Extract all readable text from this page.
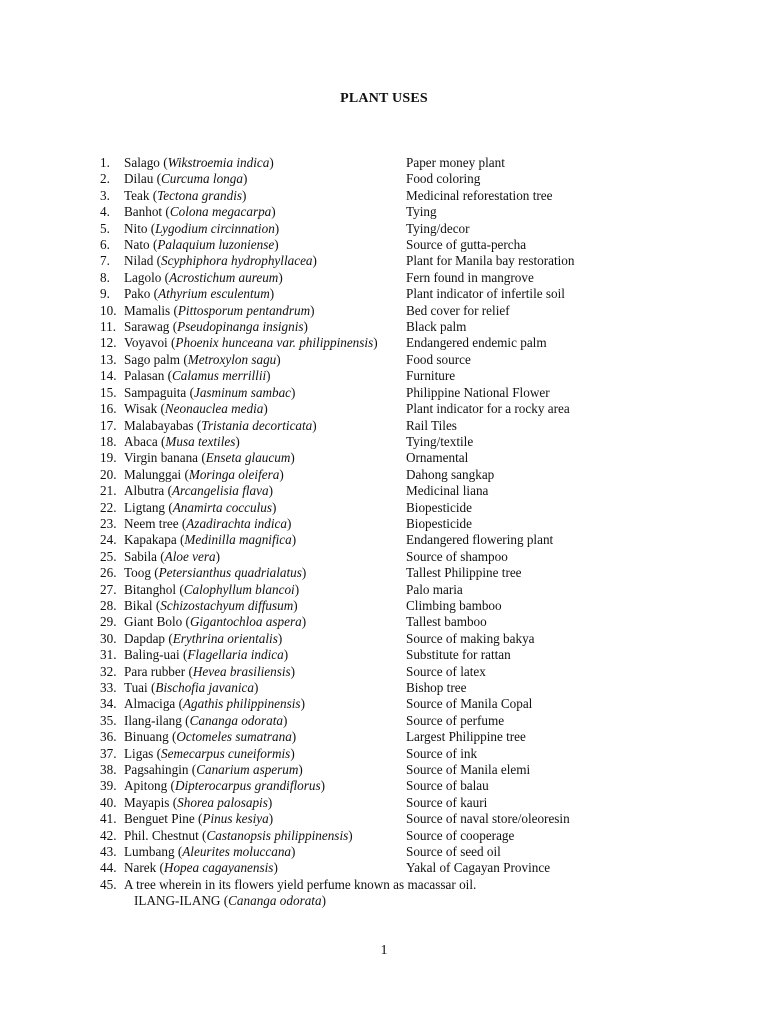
PLANT USES
1. Salago (Wikstroemia indica)	Paper money plant
2. Dilau (Curcuma longa)	Food coloring
3. Teak (Tectona grandis)	Medicinal reforestation tree
4. Banhot (Colona megacarpa)	Tying
5. Nito (Lygodium circinnation)	Tying/decor
6. Nato (Palaquium luzoniense)	Source of gutta-percha
7. Nilad (Scyphiphora hydrophyllacea)	Plant for Manila bay restoration
8. Lagolo (Acrostichum aureum)	Fern found in mangrove
9. Pako (Athyrium esculentum)	Plant indicator of infertile soil
10. Mamalis (Pittosporum pentandrum)	Bed cover for relief
11. Sarawag (Pseudopinanga insignis)	Black palm
12. Voyavoi (Phoenix hunceana var. philippinensis) Endangered endemic palm
13. Sago palm (Metroxylon sagu)	Food source
14. Palasan (Calamus merrillii)	Furniture
15. Sampaguita (Jasminum sambac)	Philippine National Flower
16. Wisak (Neonauclea media)	Plant indicator for a rocky area
17. Malabayabas (Tristania decorticata)	Rail Tiles
18. Abaca (Musa textiles)	Tying/textile
19. Virgin banana (Enseta glaucum)	Ornamental
20. Malunggai (Moringa oleifera)	Dahong sangkap
21. Albutra (Arcangelisia flava)	Medicinal liana
22. Ligtang (Anamirta cocculus)	Biopesticide
23. Neem tree (Azadirachta indica)	Biopesticide
24. Kapakapa (Medinilla magnifica)	Endangered flowering plant
25. Sabila (Aloe vera)	Source of shampoo
26. Toog (Petersianthus quadrialatus)	Tallest Philippine tree
27. Bitanghol (Calophyllum blancoi)	Palo maria
28. Bikal (Schizostachyum diffusum)	Climbing bamboo
29. Giant Bolo (Gigantochloa aspera)	Tallest bamboo
30. Dapdap (Erythrina orientalis)	Source of making bakya
31. Baling-uai (Flagellaria indica)	Substitute for rattan
32. Para rubber (Hevea brasiliensis)	Source of latex
33. Tuai (Bischofia javanica)	Bishop tree
34. Almaciga (Agathis philippinensis)	Source of Manila Copal
35. Ilang-ilang (Cananga odorata)	Source of perfume
36. Binuang (Octomeles sumatrana)	Largest Philippine tree
37. Ligas (Semecarpus cuneiformis)	Source of ink
38. Pagsahingin (Canarium asperum)	Source of Manila elemi
39. Apitong (Dipterocarpus grandiflorus)	Source of balau
40. Mayapis (Shorea palosapis)	Source of kauri
41. Benguet Pine (Pinus kesiya)	Source of naval store/oleoresin
42. Phil. Chestnut (Castanopsis philippinensis)	Source of cooperage
43. Lumbang (Aleurites moluccana)	Source of seed oil
44. Narek (Hopea cagayanensis)	Yakal of Cagayan Province
45. A tree wherein in its flowers yield perfume known as macassar oil.
ILANG-ILANG (Cananga odorata)
1
